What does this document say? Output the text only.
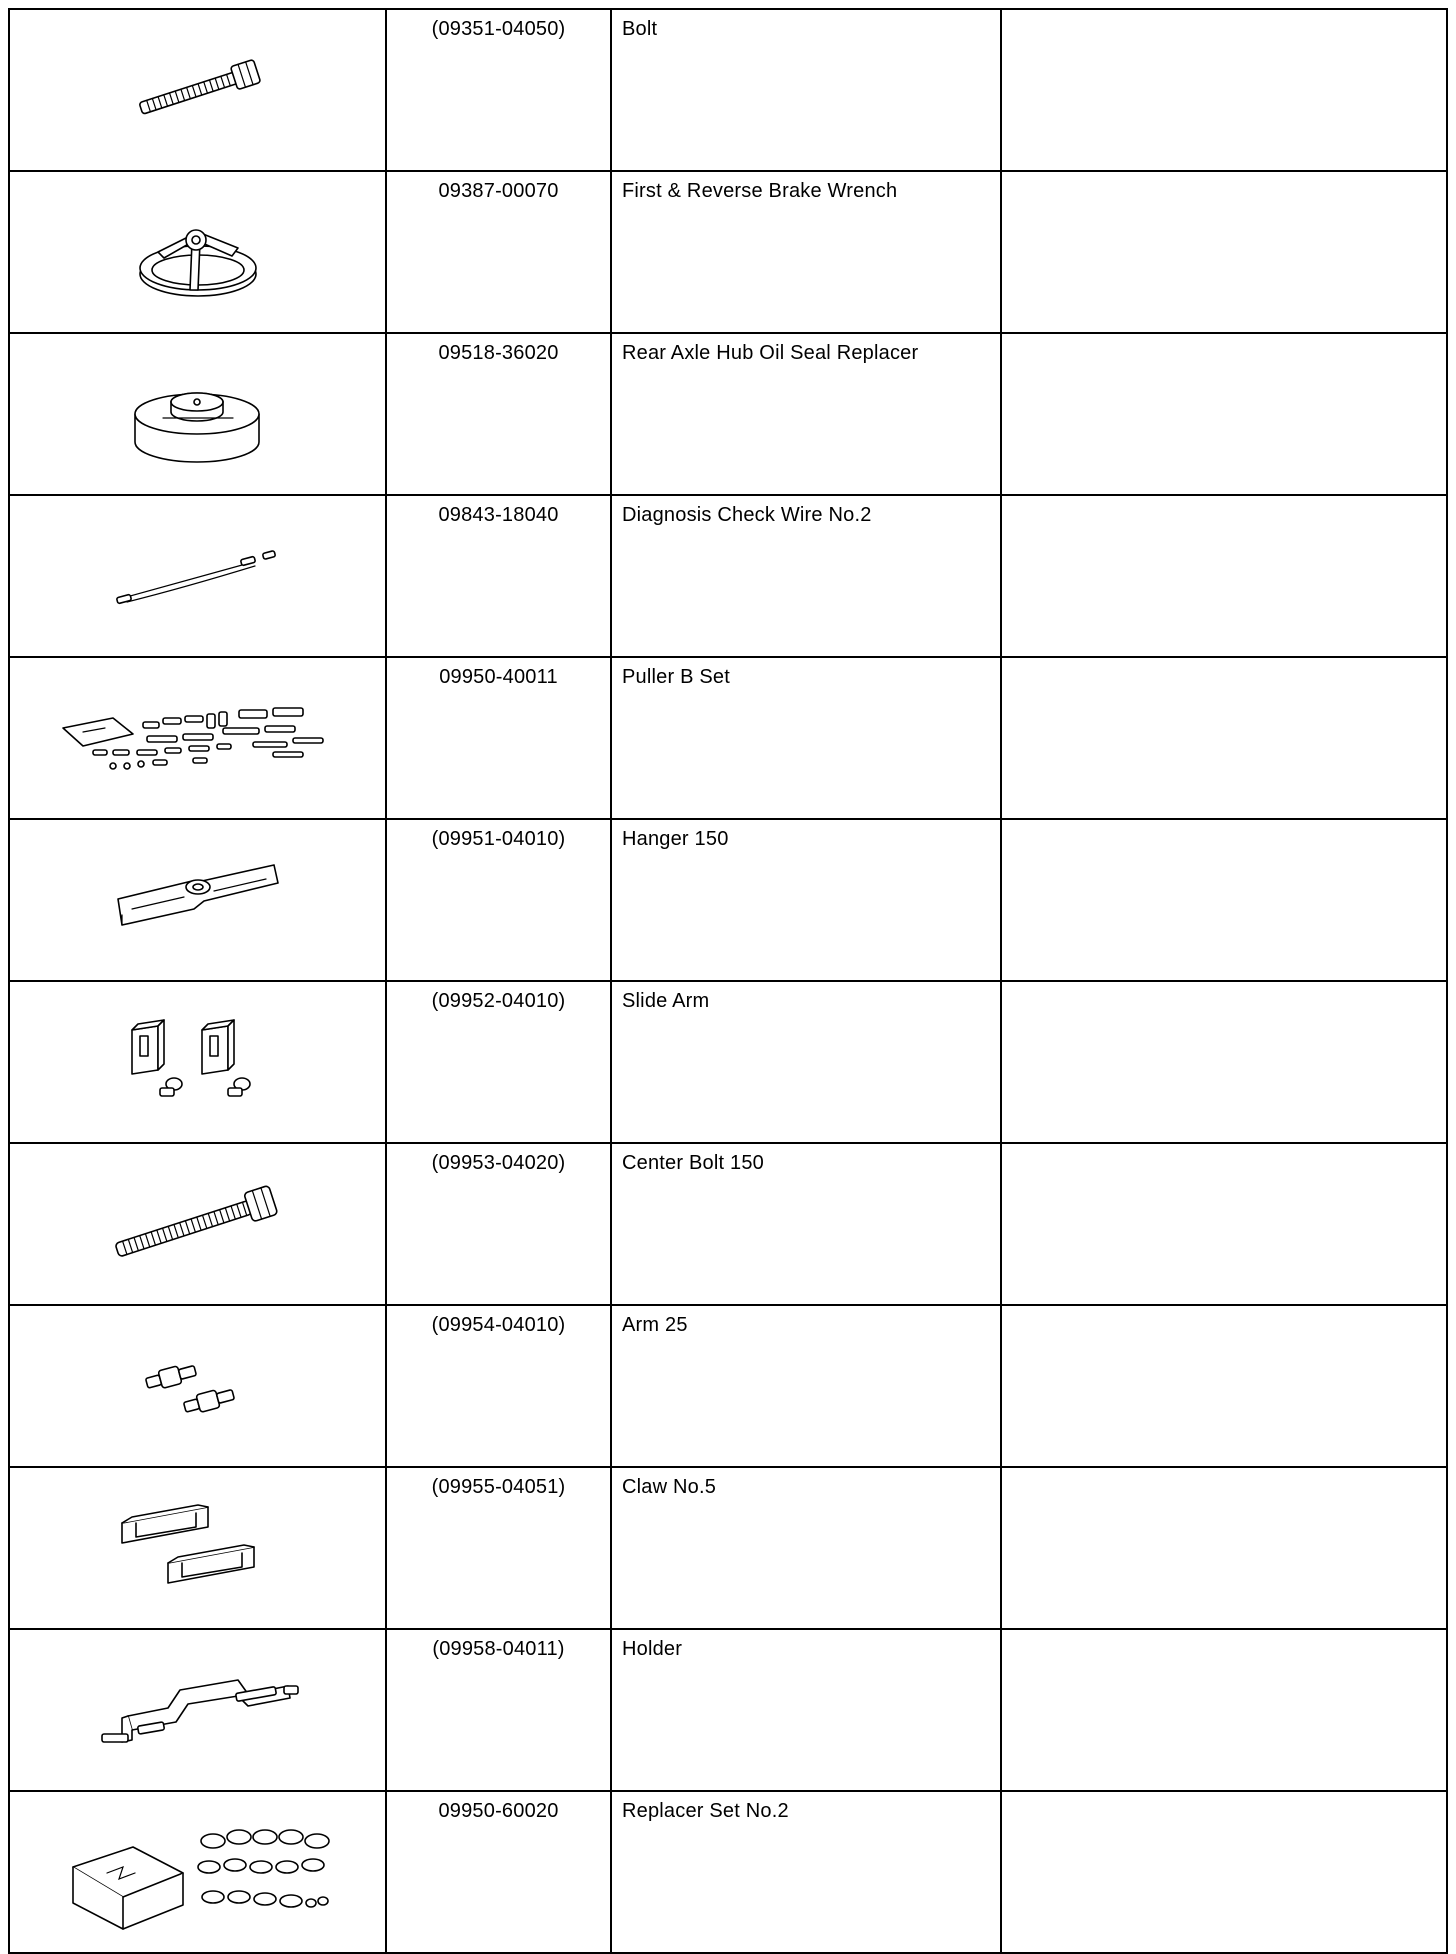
(09351-04050)	Bolt	

09387-00070	First & Reverse Brake Wrench	

09518-36020	Rear Axle Hub Oil Seal Replacer	

09843-18040	Diagnosis Check Wire No.2	

09950-40011	Puller B Set	

(09951-04010)	Hanger 150	

(09952-04010)	Slide Arm	

(09953-04020)	Center Bolt 150	

(09954-04010)	Arm 25	

(09955-04051)	Claw No.5	

(09958-04011)	Holder	

09950-60020	Replacer Set No.2	
